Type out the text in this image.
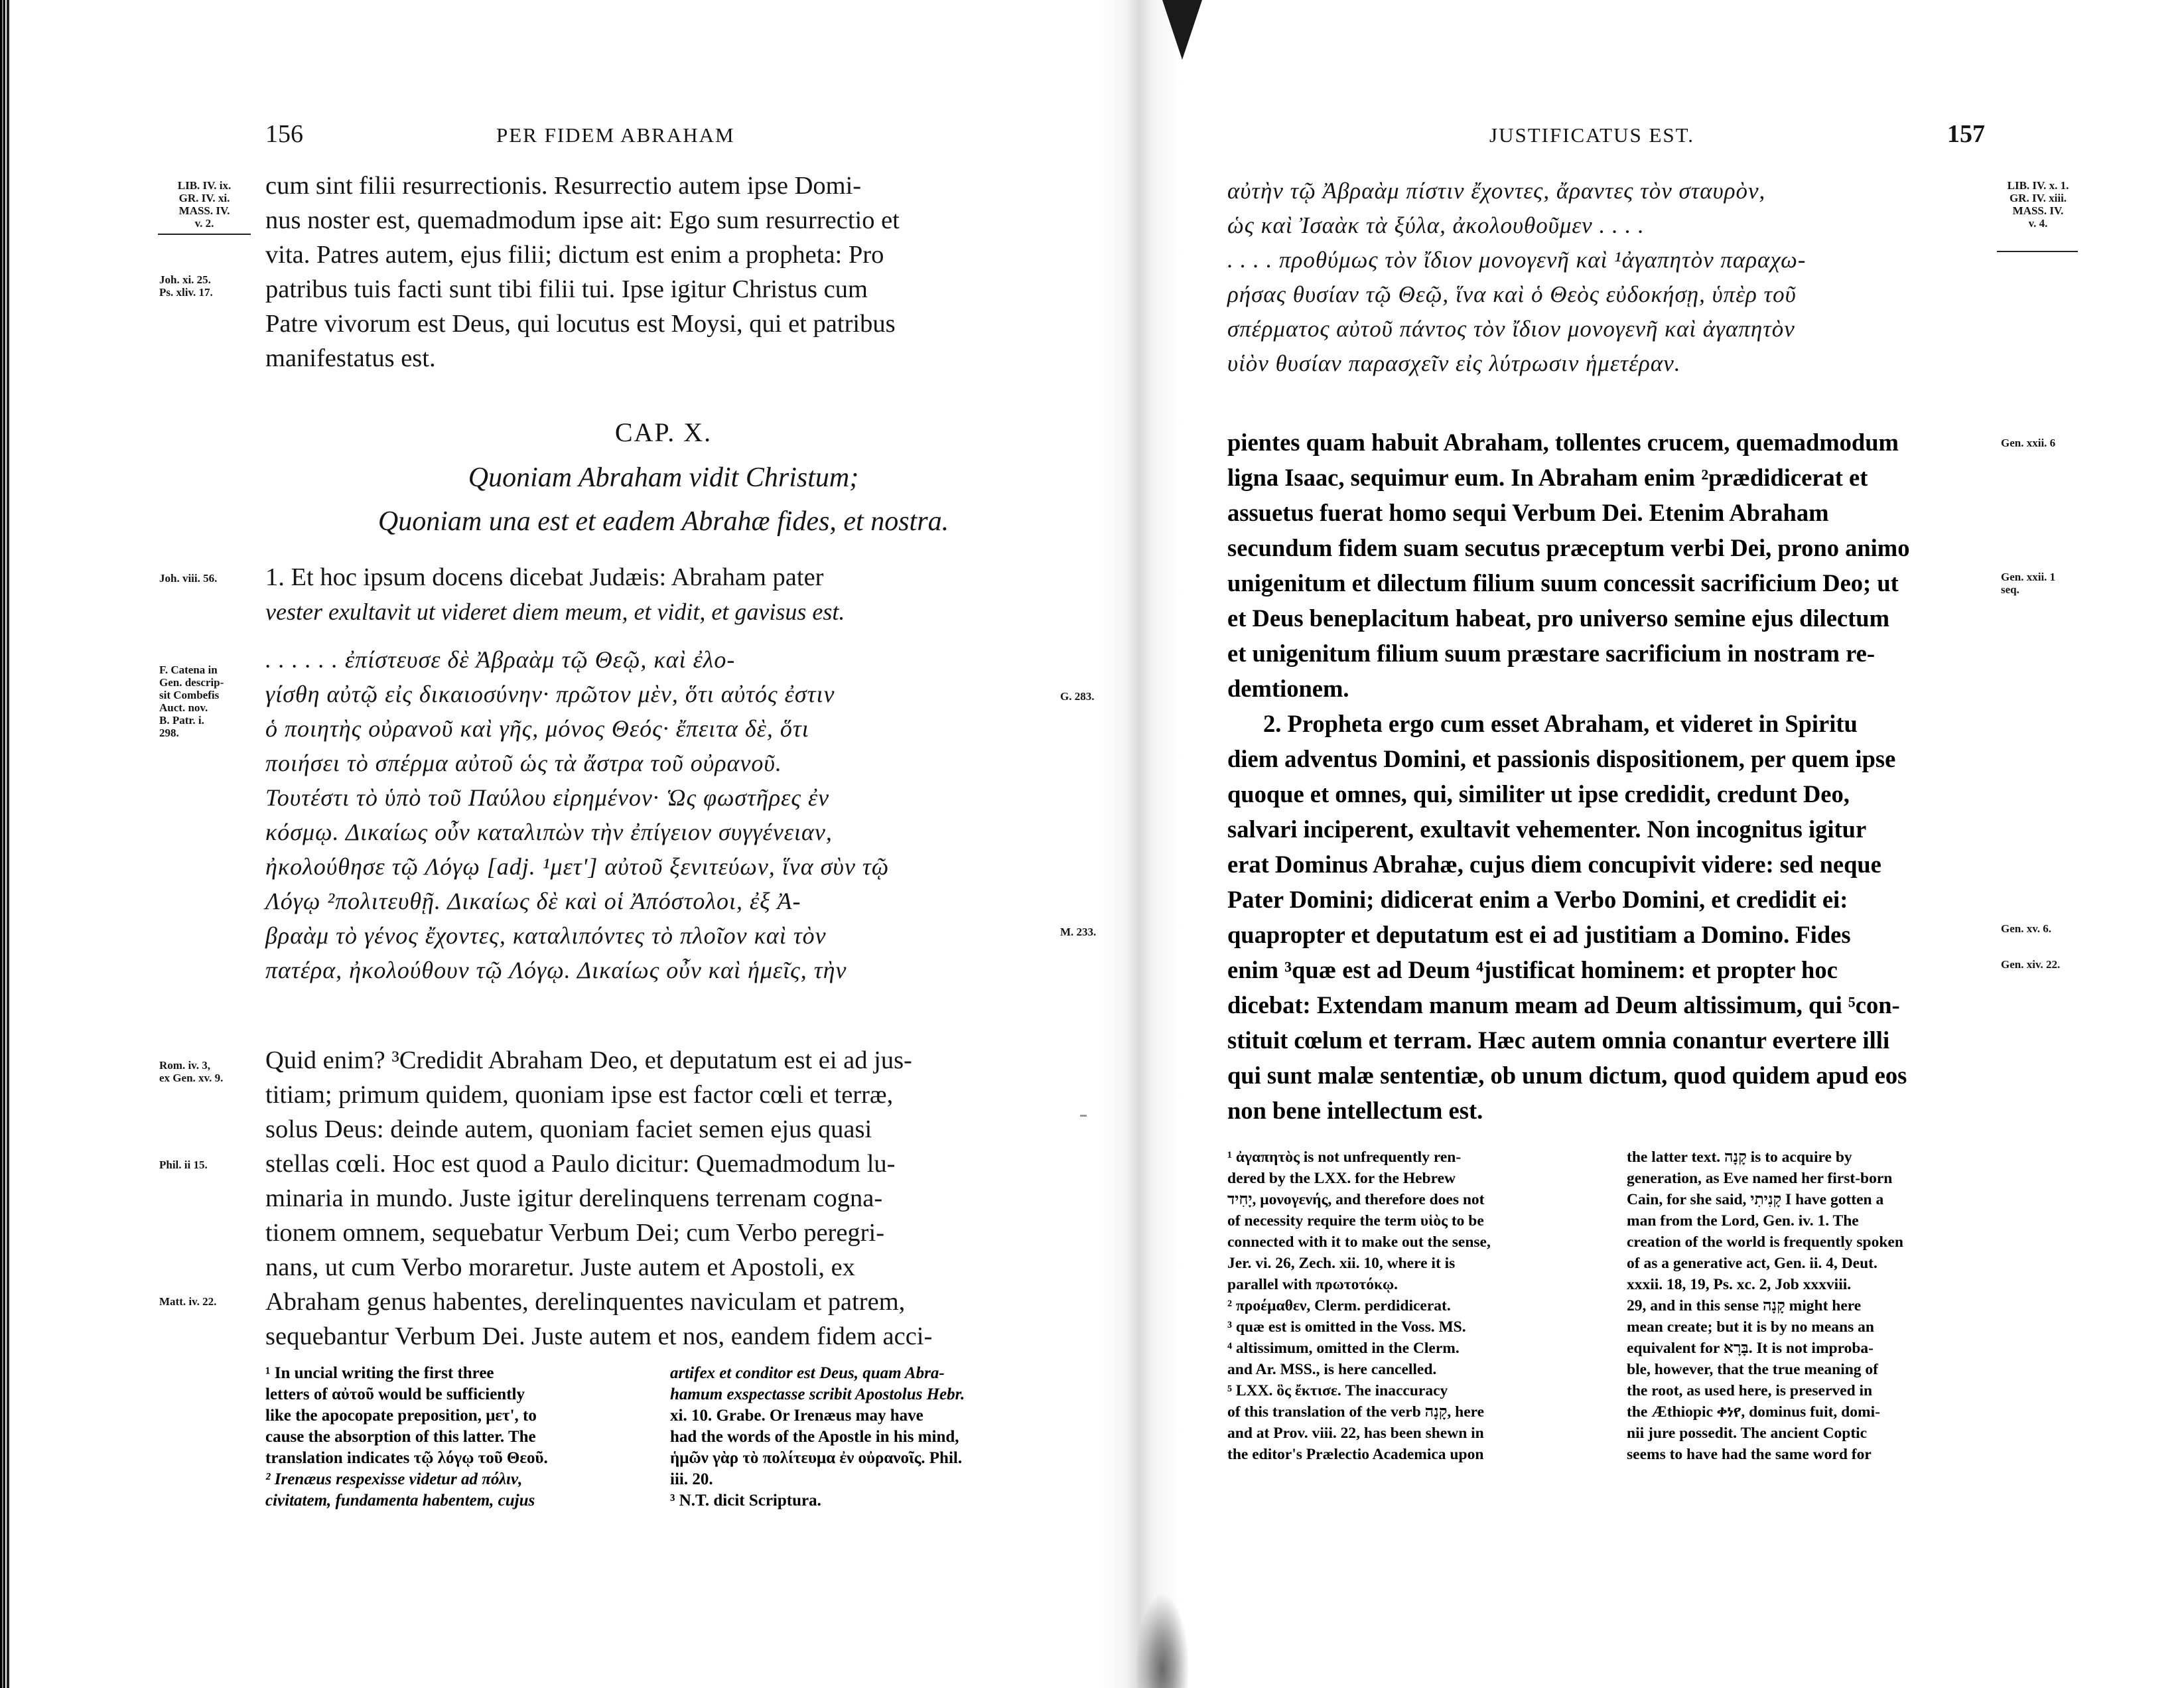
156	PER FIDEM ABRAHAM
LIB. IV. ix.
GR. IV. xi.
MASS. IV.
v. 2.
Joh. xi. 25.
Ps. xliv. 17.
cum sint filii resurrectionis. Resurrectio autem ipse Domi-
nus noster est, quemadmodum ipse ait: Ego sum resurrectio et
vita. Patres autem, ejus filii; dictum est enim a propheta: Pro
patribus tuis facti sunt tibi filii tui. Ipse igitur Christus cum
Patre vivorum est Deus, qui locutus est Moysi, qui et patribus
manifestatus est.
CAP. X.
Quoniam Abraham vidit Christum;
Quoniam una est et eadem Abrahæ fides, et nostra.
Joh. viii. 56. 1. Et hoc ipsum docens dicebat Judæis: Abraham pater
vester exultavit ut videret diem meum, et vidit, et gavisus est.
F. Catena in
Gen. descrip-
sit Combefis
Auct. nov.
B. Patr. i.
298.
. . . . . . ἐπίστευσε δὲ Ἀβραὰμ τῷ Θεῷ, καὶ ἐλο-
γίσθη αὐτῷ εἰς δικαιοσύνην· πρῶτον μὲν, ὅτι αὐτός ἐστιν
ὁ ποιητὴς οὐρανοῦ καὶ γῆς, μόνος Θεός· ἔπειτα δὲ, ὅτι
ποιήσει τὸ σπέρμα αὐτοῦ ὡς τὰ ἄστρα τοῦ οὐρανοῦ.
Τουτέστι τὸ ὑπὸ τοῦ Παύλου εἰρημένον· Ὡς φωστῆρες ἐν
κόσμῳ. Δικαίως οὖν καταλιπὼν τὴν ἐπίγειον συγγένειαν,
ἠκολούθησε τῷ Λόγῳ [adj. ¹μετ'] αὐτοῦ ξενιτεύων, ἵνα σὺν τῷ
Λόγῳ ²πολιτευθῇ. Δικαίως δὲ καὶ οἱ Ἀπόστολοι, ἐξ Ἀ-
βραὰμ τὸ γένος ἔχοντες, καταλιπόντες τὸ πλοῖον καὶ τὸν
πατέρα, ἠκολούθουν τῷ Λόγῳ. Δικαίως οὖν καὶ ἡμεῖς, τὴν
G. 283.
M. 233.
Rom. iv. 3,
ex Gen. xv. 9.
Phil. ii 15.
Matt. iv. 22.
Quid enim? ³Credidit Abraham Deo, et deputatum est ei ad jus-
titiam; primum quidem, quoniam ipse est factor cœli et terræ,
solus Deus: deinde autem, quoniam faciet semen ejus quasi
stellas cœli. Hoc est quod a Paulo dicitur: Quemadmodum lu-
minaria in mundo. Juste igitur derelinquens terrenam cogna-
tionem omnem, sequebatur Verbum Dei; cum Verbo peregri-
nans, ut cum Verbo moraretur. Juste autem et Apostoli, ex
Abraham genus habentes, derelinquentes naviculam et patrem,
sequebantur Verbum Dei. Juste autem et nos, eandem fidem acci-
¹ In uncial writing the first three
letters of αὐτοῦ would be sufficiently
like the apocopate preposition, μετ', to
cause the absorption of this latter. The
translation indicates τῷ λόγῳ τοῦ Θεοῦ.
² Irenæus respexisse videtur ad πόλιν,
civitatem, fundamenta habentem, cujus
artifex et conditor est Deus, quam Abra-
hamum exspectasse scribit Apostolus Hebr.
xi. 10. Grabe. Or Irenæus may have
had the words of the Apostle in his mind,
ἡμῶν γὰρ τὸ πολίτευμα ἐν οὐρανοῖς. Phil.
iii. 20.
³ N.T. dicit Scriptura.
JUSTIFICATUS EST.	157
LIB. IV. x. 1.
GR. IV. xiii.
MASS. IV.
v. 4.
αὐτὴν τῷ Ἀβραὰμ πίστιν ἔχοντες, ἄραντες τὸν σταυρὸν,
ὡς καὶ Ἰσαὰκ τὰ ξύλα, ἀκολουθοῦμεν . . . .
. . . . προθύμως τὸν ἴδιον μονογενῆ καὶ ¹ἀγαπητὸν παραχω-
ρήσας θυσίαν τῷ Θεῷ, ἵνα καὶ ὁ Θεὸς εὐδοκήσῃ, ὑπὲρ τοῦ
σπέρματος αὐτοῦ πάντος τὸν ἴδιον μονογενῆ καὶ ἀγαπητὸν
υἱὸν θυσίαν παρασχεῖν εἰς λύτρωσιν ἡμετέραν.
pientes quam habuit Abraham, tollentes crucem, quemadmodum
ligna Isaac, sequimur eum. In Abraham enim ²prædidicerat et
assuetus fuerat homo sequi Verbum Dei. Etenim Abraham
secundum fidem suam secutus præceptum verbi Dei, prono animo
unigenitum et dilectum filium suum concessit sacrificium Deo; ut
et Deus beneplacitum habeat, pro universo semine ejus dilectum
et unigenitum filium suum præstare sacrificium in nostram re-
demtionem.
2. Propheta ergo cum esset Abraham, et videret in Spiritu
diem adventus Domini, et passionis dispositionem, per quem ipse
quoque et omnes, qui, similiter ut ipse credidit, credunt Deo,
salvari inciperent, exultavit vehementer. Non incognitus igitur
erat Dominus Abrahæ, cujus diem concupivit videre: sed neque
Pater Domini; didicerat enim a Verbo Domini, et credidit ei:
quapropter et deputatum est ei ad justitiam a Domino. Fides
enim ³quæ est ad Deum ⁴justificat hominem: et propter hoc
dicebat: Extendam manum meam ad Deum altissimum, qui ⁵con-
stituit cœlum et terram. Hæc autem omnia conantur evertere illi
qui sunt malæ sententiæ, ob unum dictum, quod quidem apud eos
non bene intellectum est.
Gen. xxii. 6
Gen. xxii. 1
seq.
Gen. xv. 6.
Gen. xiv. 22.
¹ ἀγαπητὸς is not unfrequently ren-
dered by the LXX. for the Hebrew
יָחִיד, μονογενής, and therefore does not
of necessity require the term υἱὸς to be
connected with it to make out the sense,
Jer. vi. 26, Zech. xii. 10, where it is
parallel with πρωτοτόκῳ.
² προέμαθεν, Clerm. perdidicerat.
³ quæ est is omitted in the Voss. MS.
⁴ altissimum, omitted in the Clerm.
and Ar. MSS., is here cancelled.
⁵ LXX. ὃς ἔκτισε. The inaccuracy
of this translation of the verb קָנָה, here
and at Prov. viii. 22, has been shewn in
the editor's Prælectio Academica upon
the latter text. קָנָה is to acquire by
generation, as Eve named her first-born
Cain, for she said, קָנִיתִי I have gotten a
man from the Lord, Gen. iv. 1. The
creation of the world is frequently spoken
of as a generative act, Gen. ii. 4, Deut.
xxxii. 18, 19, Ps. xc. 2, Job xxxviii.
29, and in this sense קָנָה might here
mean create; but it is by no means an
equivalent for בָּרָא. It is not improba-
ble, however, that the true meaning of
the root, as used here, is preserved in
the Æthiopic ቀነየ, dominus fuit, domi-
nii jure possedit. The ancient Coptic
seems to have had the same word for
